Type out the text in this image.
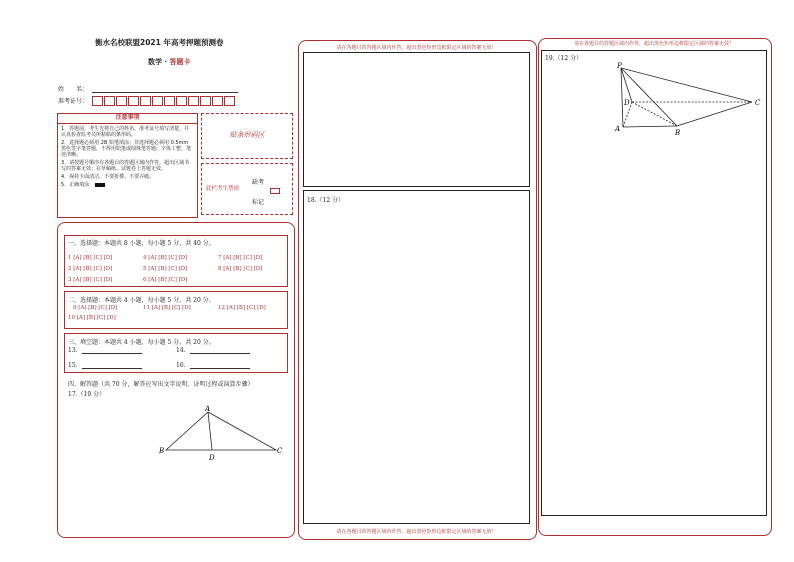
衡水名校联盟2021 年高考押题预测卷
数学 · 答题卡
姓　　名：
准考证号：
注意事项
1．答题前，考生先将自己的姓名、准考证号填写清楚，并认真检查监考员所粘贴的条形码。
2．选择题必须用 2B 铅笔填涂；非选择题必须用 0.5mm 黑色签字笔答题，不得用铅笔或圆珠笔答题；字体工整、笔迹清晰。
3．请按题号顺序在各题目的答题区域内作答，超出区域书写的答案无效；在草稿纸、试题卷上答题无效。
4．保持卡面清洁，不要折叠、不要弄破。
5．正确填涂
贴条形码区
此栏考生禁填
缺考
标记
一、选择题：本题共 8 小题，每小题 5 分，共 40 分。
1 [A] [B] [C] [D]	4 [A] [B] [C] [D]	7 [A] [B] [C] [D]
2 [A] [B] [C] [D]	5 [A] [B] [C] [D]	8 [A] [B] [C] [D]
3 [A] [B] [C] [D]	6 [A] [B] [C] [D]
二、选择题：本题共 4 小题，每小题 5 分，共 20 分。
9 [A] [B] [C] [D]	11 [A] [B] [C] [D]	12 [A] [B] [C] [D]
10 [A] [B] [C] [D]
三、填空题：本题共 4 小题，每小题 5 分，共 20 分。
13.	14.
15.	16.
四、解答题（共 70 分，解答应写出文字说明、证明过程或演算步骤）
17.（10 分）
A
B	C
D
请在各题目的答题区域内作答，超出黑色矩形边框限定区域的答案无效！
18.（12 分）
请在各题目的答题区域内作答，超出黑色矩形边框限定区域的答案无效！
请在各题目的答题区域内作答，超出黑色矩形边框限定区域的答案无效！
19.（12 分）
P
D
A	B
C
